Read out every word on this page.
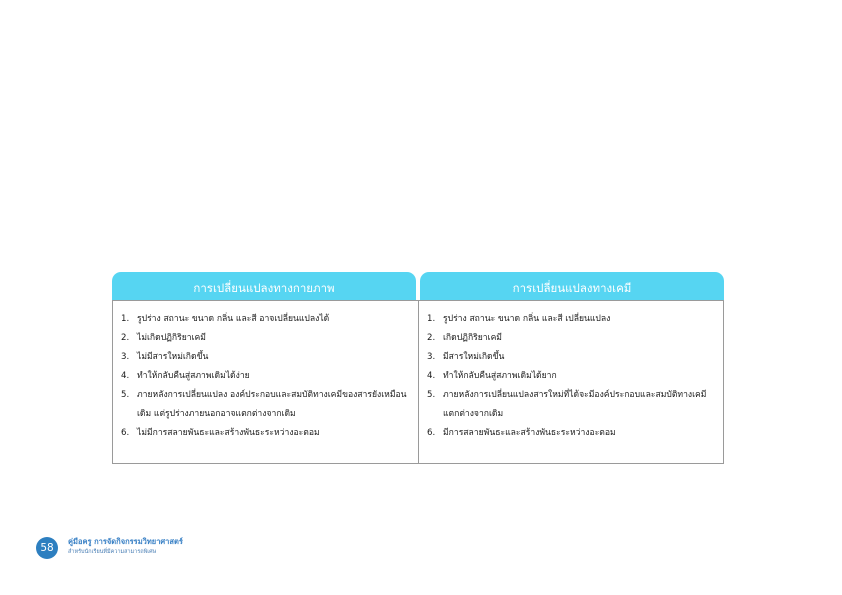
การเปลี่ยนแปลงทางกายภาพ
1. รูปร่าง สถานะ ขนาด กลิ่น และสี อาจเปลี่ยนแปลงได้
2. ไม่เกิดปฏิกิริยาเคมี
3. ไม่มีสารใหม่เกิดขึ้น
4. ทำให้กลับคืนสู่สภาพเดิมได้ง่าย
5. ภายหลังการเปลี่ยนแปลง องค์ประกอบและสมบัติทางเคมีของสารยังเหมือนเดิม แต่รูปร่างภายนอกอาจแตกต่างจากเดิม
6. ไม่มีการสลายพันธะและสร้างพันธะระหว่างอะตอม
การเปลี่ยนแปลงทางเคมี
1. รูปร่าง สถานะ ขนาด กลิ่น และสี เปลี่ยนแปลง
2. เกิดปฏิกิริยาเคมี
3. มีสารใหม่เกิดขึ้น
4. ทำให้กลับคืนสู่สภาพเดิมได้ยาก
5. ภายหลังการเปลี่ยนแปลงสารใหม่ที่ได้จะมีองค์ประกอบและสมบัติทางเคมีแตกต่างจากเดิม
6. มีการสลายพันธะและสร้างพันธะระหว่างอะตอม
58
คู่มือครู การจัดกิจกรรมวิทยาศาสตร์
สำหรับนักเรียนที่มีความสามารถพิเศษ
